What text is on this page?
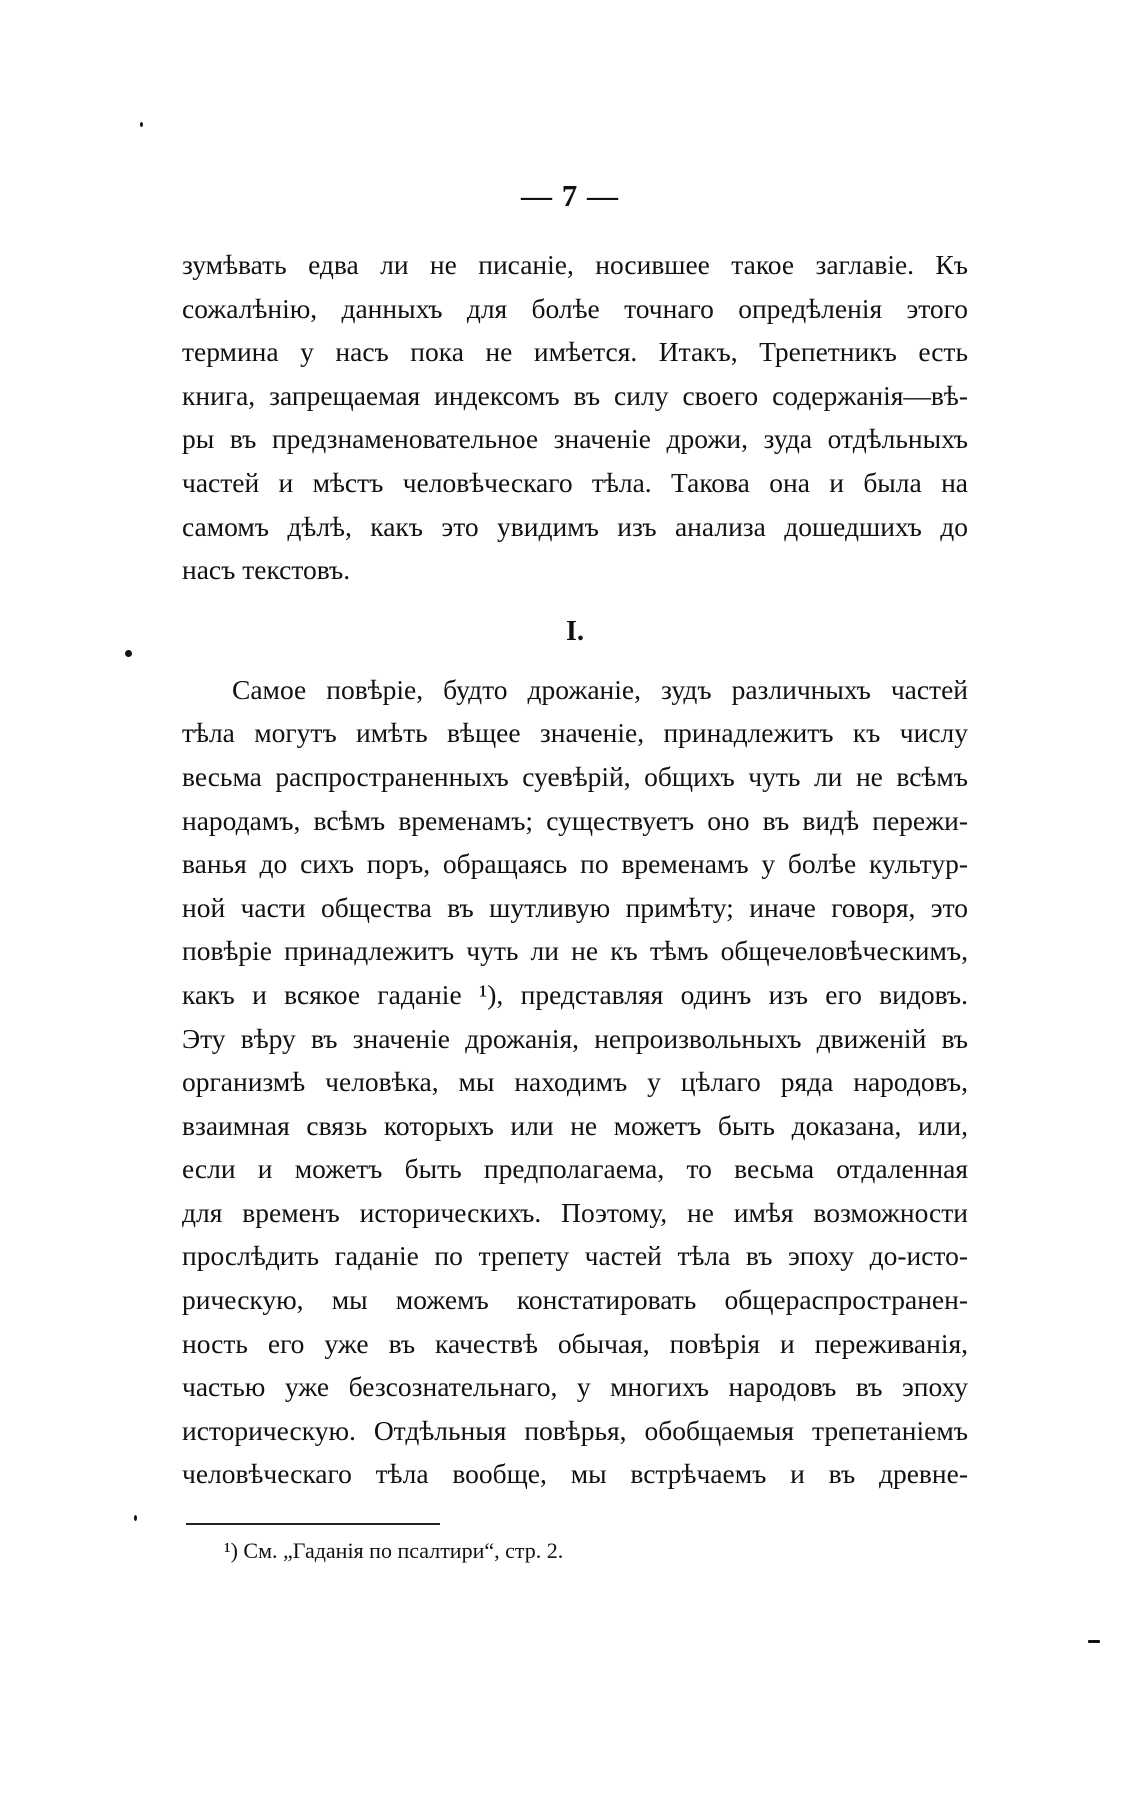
— 7 —
зумѣвать едва ли не писаніе, носившее такое заглавіе. Къ
сожалѣнію, данныхъ для болѣе точнаго опредѣленія этого
термина у насъ пока не имѣется. Итакъ, Трепетникъ есть
книга, запрещаемая индексомъ въ силу своего содержанія—вѣ-
ры въ предзнаменовательное значеніе дрожи, зуда отдѣльныхъ
частей и мѣстъ человѣческаго тѣла. Такова она и была на
самомъ дѣлѣ, какъ это увидимъ изъ анализа дошедшихъ до
насъ текстовъ.
I.
Самое повѣріе, будто дрожаніе, зудъ различныхъ частей
тѣла могутъ имѣть вѣщее значеніе, принадлежитъ къ числу
весьма распространенныхъ суевѣрій, общихъ чуть ли не всѣмъ
народамъ, всѣмъ временамъ; существуетъ оно въ видѣ пережи-
ванья до сихъ поръ, обращаясь по временамъ у болѣе культур-
ной части общества въ шутливую примѣту; иначе говоря, это
повѣріе принадлежитъ чуть ли не къ тѣмъ общечеловѣческимъ,
какъ и всякое гаданіе ¹), представляя одинъ изъ его видовъ.
Эту вѣру въ значеніе дрожанія, непроизвольныхъ движеній въ
организмѣ человѣка, мы находимъ у цѣлаго ряда народовъ,
взаимная связь которыхъ или не можетъ быть доказана, или,
если и можетъ быть предполагаема, то весьма отдаленная
для временъ историческихъ. Поэтому, не имѣя возможности
прослѣдить гаданіе по трепету частей тѣла въ эпоху до-исто-
рическую, мы можемъ констатировать общераспространен-
ность его уже въ качествѣ обычая, повѣрія и переживанія,
частью уже безсознательнаго, у многихъ народовъ въ эпоху
историческую. Отдѣльныя повѣрья, обобщаемыя трепетаніемъ
человѣческаго тѣла вообще, мы встрѣчаемъ и въ древне-
¹) См. „Гаданія по псалтири“, стр. 2.
